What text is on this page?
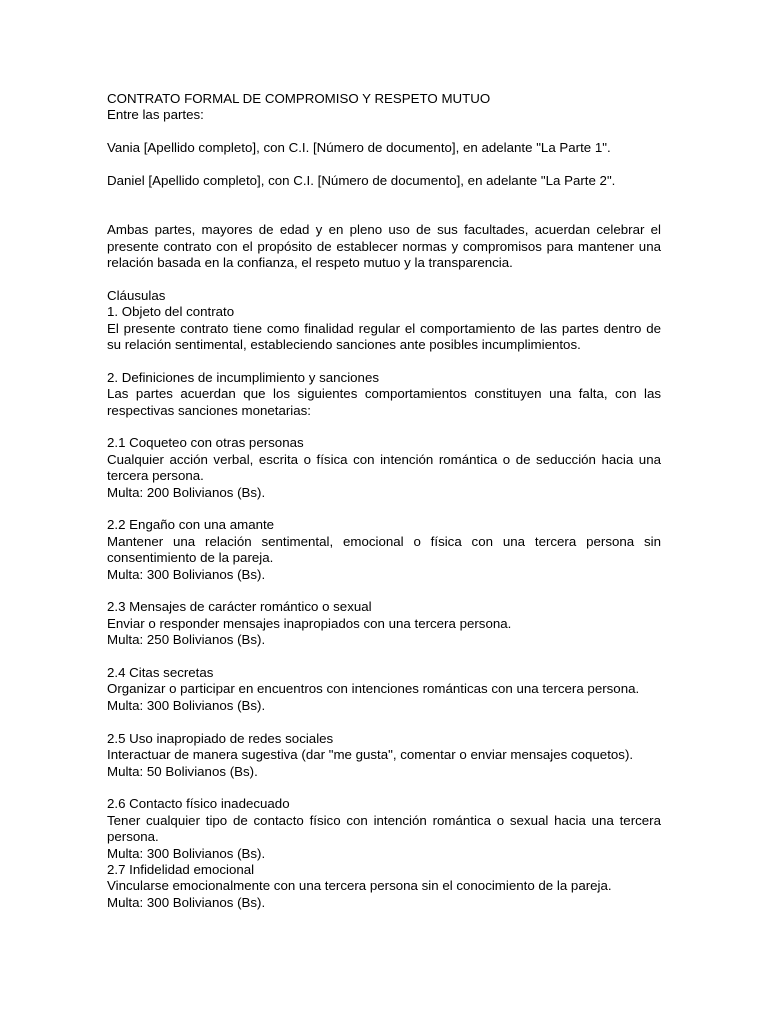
CONTRATO FORMAL DE COMPROMISO Y RESPETO MUTUO

Entre las partes:

Vania [Apellido completo], con C.I. [Número de documento], en adelante "La Parte 1".

Daniel [Apellido completo], con C.I. [Número de documento], en adelante "La Parte 2".

Ambas partes, mayores de edad y en pleno uso de sus facultades, acuerdan celebrar el presente contrato con el propósito de establecer normas y compromisos para mantener una relación basada en la confianza, el respeto mutuo y la transparencia.

Cláusulas

1. Objeto del contrato

El presente contrato tiene como finalidad regular el comportamiento de las partes dentro de su relación sentimental, estableciendo sanciones ante posibles incumplimientos.

2. Definiciones de incumplimiento y sanciones

Las partes acuerdan que los siguientes comportamientos constituyen una falta, con las respectivas sanciones monetarias:

2.1 Coqueteo con otras personas

Cualquier acción verbal, escrita o física con intención romántica o de seducción hacia una tercera persona.

Multa: 200 Bolivianos (Bs).

2.2 Engaño con una amante

Mantener una relación sentimental, emocional o física con una tercera persona sin consentimiento de la pareja.

Multa: 300 Bolivianos (Bs).

2.3 Mensajes de carácter romántico o sexual

Enviar o responder mensajes inapropiados con una tercera persona.

Multa: 250 Bolivianos (Bs).

2.4 Citas secretas

Organizar o participar en encuentros con intenciones románticas con una tercera persona.

Multa: 300 Bolivianos (Bs).

2.5 Uso inapropiado de redes sociales

Interactuar de manera sugestiva (dar "me gusta", comentar o enviar mensajes coquetos).

Multa: 50 Bolivianos (Bs).

2.6 Contacto físico inadecuado

Tener cualquier tipo de contacto físico con intención romántica o sexual hacia una tercera persona.

Multa: 300 Bolivianos (Bs).

2.7 Infidelidad emocional

Vincularse emocionalmente con una tercera persona sin el conocimiento de la pareja.

Multa: 300 Bolivianos (Bs).
